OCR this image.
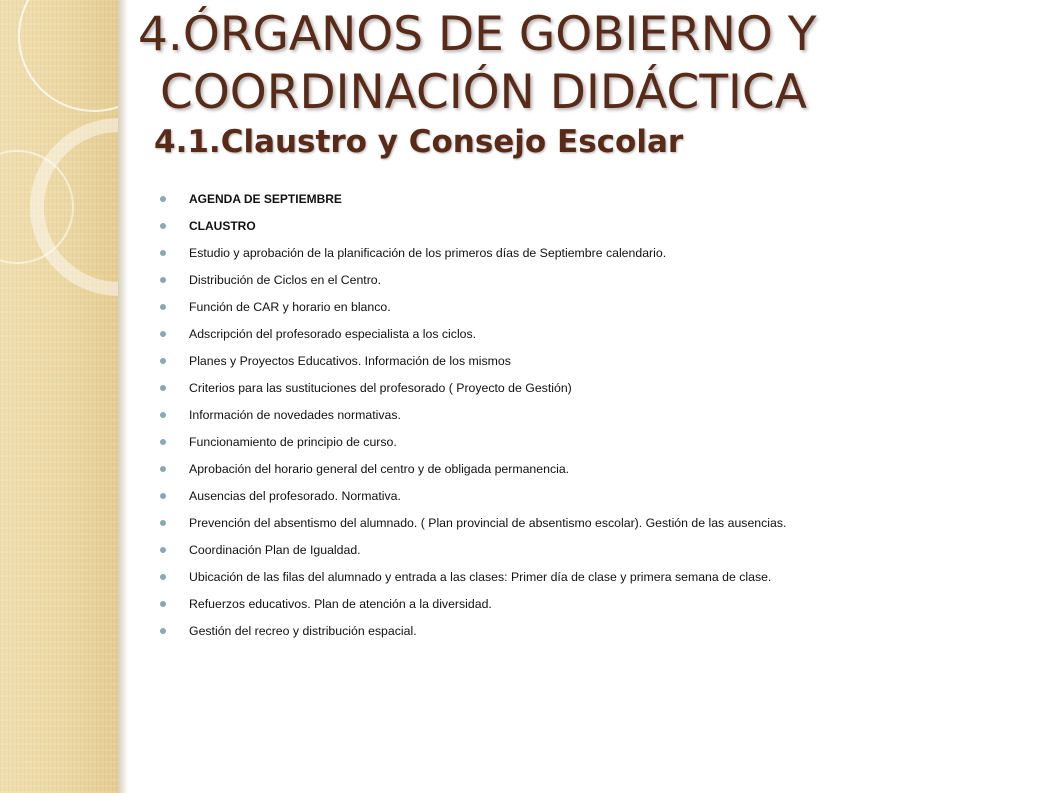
4.ÓRGANOS DE GOBIERNO Y
COORDINACIÓN DIDÁCTICA
4.1.Claustro y Consejo Escolar
AGENDA DE SEPTIEMBRE
CLAUSTRO
Estudio y aprobación de la planificación de los primeros días de Septiembre calendario.
Distribución de Ciclos en el Centro.
Función de CAR y horario en blanco.
Adscripción del profesorado especialista a los ciclos.
Planes y Proyectos Educativos. Información de los mismos
Criterios para las sustituciones del profesorado ( Proyecto de Gestión)
Información de novedades normativas.
Funcionamiento de principio de curso.
Aprobación del horario general del centro y de obligada permanencia.
Ausencias del profesorado. Normativa.
Prevención del absentismo del alumnado. ( Plan provincial de absentismo escolar). Gestión de las ausencias.
Coordinación Plan de Igualdad.
Ubicación de las filas del alumnado y entrada a las clases: Primer día de clase y primera semana de clase.
Refuerzos educativos. Plan de atención a la diversidad.
Gestión del recreo y distribución espacial.
